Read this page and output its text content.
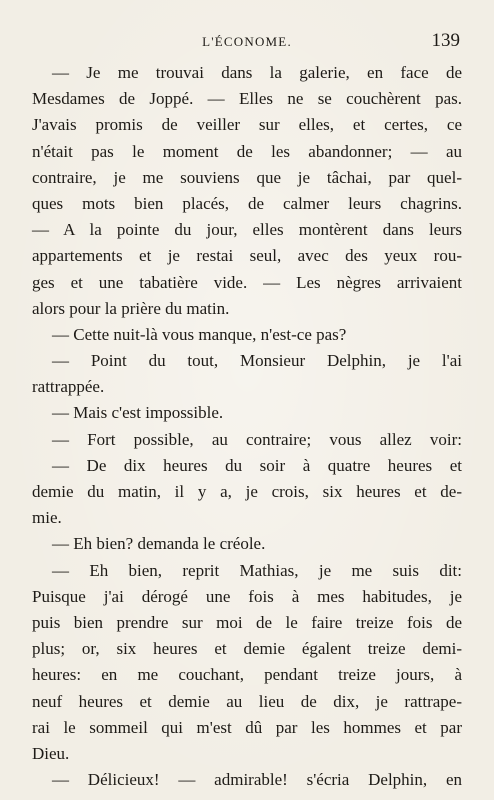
L'ÉCONOME.	139
— Je me trouvai dans la galerie, en face de
Mesdames de Joppé. — Elles ne se couchèrent pas.
J'avais promis de veiller sur elles, et certes, ce
n'était pas le moment de les abandonner; — au
contraire, je me souviens que je tâchai, par quel-
ques mots bien placés, de calmer leurs chagrins.
— A la pointe du jour, elles montèrent dans leurs
appartements et je restai seul, avec des yeux rou-
ges et une tabatière vide. — Les nègres arrivaient
alors pour la prière du matin.
— Cette nuit-là vous manque, n'est-ce pas?
— Point du tout, Monsieur Delphin, je l'ai
rattrappée.
— Mais c'est impossible.
— Fort possible, au contraire; vous allez voir:
— De dix heures du soir à quatre heures et
demie du matin, il y a, je crois, six heures et de-
mie.
— Eh bien? demanda le créole.
— Eh bien, reprit Mathias, je me suis dit:
Puisque j'ai dérogé une fois à mes habitudes, je
puis bien prendre sur moi de le faire treize fois de
plus; or, six heures et demie égalent treize demi-
heures: en me couchant, pendant treize jours, à
neuf heures et demie au lieu de dix, je rattrape-
rai le sommeil qui m'est dû par les hommes et par
Dieu.
— Délicieux! — admirable! s'écria Delphin, en
